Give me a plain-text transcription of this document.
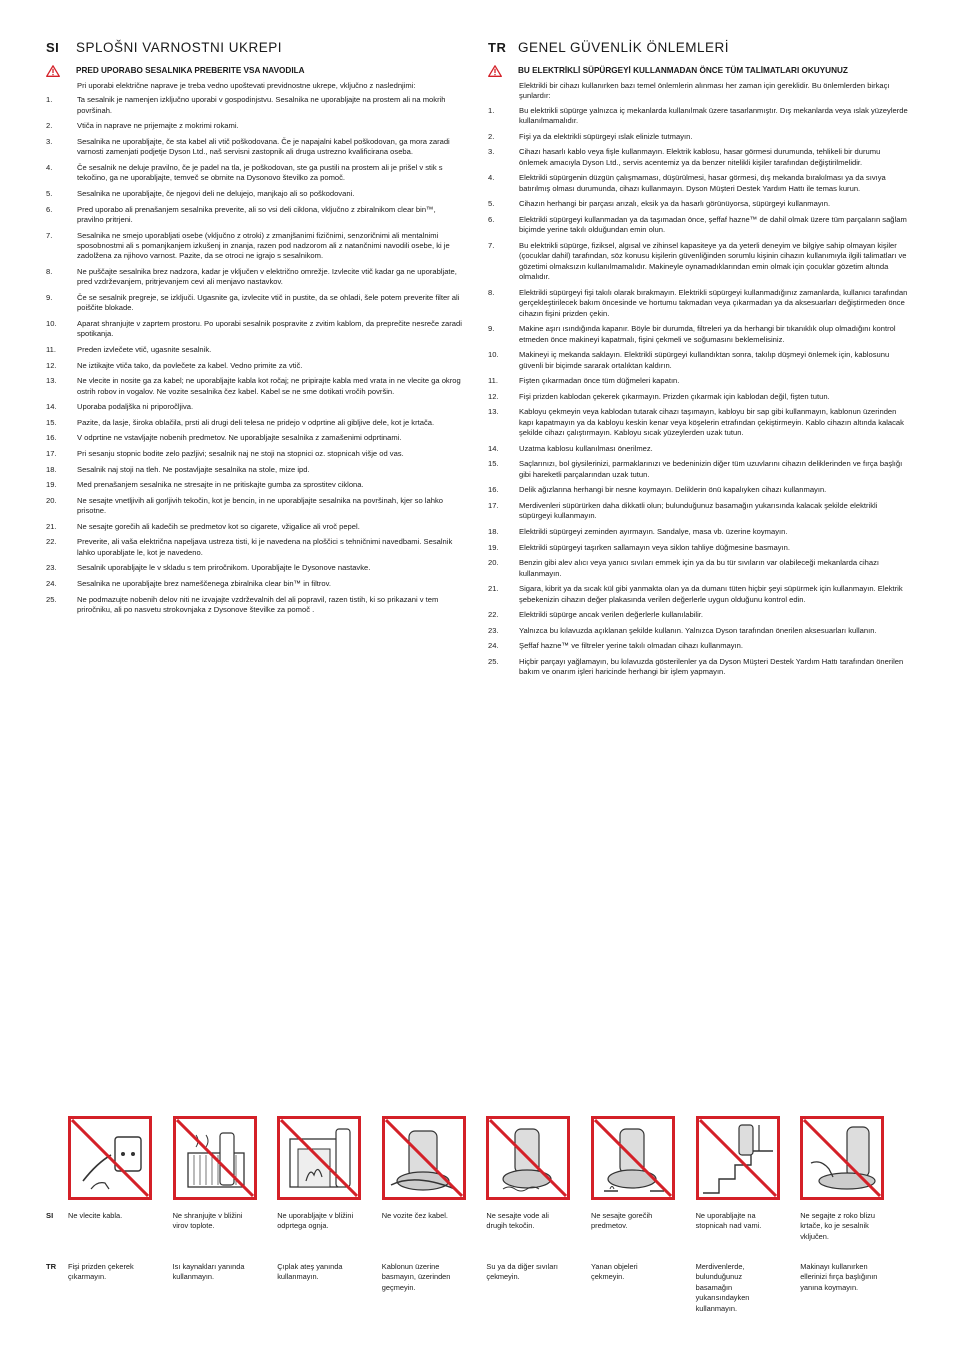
SI	SPLOŠNI VARNOSTNI UKREPI
PRED UPORABO SESALNIKA PREBERITE VSA NAVODILA
Pri uporabi električne naprave je treba vedno upoštevati previdnostne ukrepe, vključno z naslednjimi:
1.	Ta sesalnik je namenjen izključno uporabi v gospodinjstvu. Sesalnika ne uporabljajte na prostem ali na mokrih površinah.
2.	Vtiča in naprave ne prijemajte z mokrimi rokami.
3.	Sesalnika ne uporabljajte, če sta kabel ali vtič poškodovana. Če je napajalni kabel poškodovan, ga mora zaradi varnosti zamenjati podjetje Dyson Ltd., naš servisni zastopnik ali druga ustrezno kvalificirana oseba.
4.	Če sesalnik ne deluje pravilno, če je padel na tla, je poškodovan, ste ga pustili na prostem ali je prišel v stik s tekočino, ga ne uporabljajte, temveč se obrnite na Dysonovo številko za pomoč.
5.	Sesalnika ne uporabljajte, če njegovi deli ne delujejo, manjkajo ali so poškodovani.
6.	Pred uporabo ali prenašanjem sesalnika preverite, ali so vsi deli ciklona, vključno z zbiralnikom clear bin™, pravilno pritrjeni.
7.	Sesalnika ne smejo uporabljati osebe (vključno z otroki) z zmanjšanimi fizičnimi, senzoričnimi ali mentalnimi sposobnostmi ali s pomanjkanjem izkušenj in znanja, razen pod nadzorom ali z natančnimi navodili osebe, ki je zadolžena za njihovo varnost. Pazite, da se otroci ne igrajo s sesalnikom.
8.	Ne puščajte sesalnika brez nadzora, kadar je vključen v električno omrežje. Izvlecite vtič kadar ga ne uporabljate, pred vzdrževanjem, pritrjevanjem cevi ali menjavo nastavkov.
9.	Če se sesalnik pregreje, se izključi. Ugasnite ga, izvlecite vtič in pustite, da se ohladi, šele potem preverite filter ali poiščite blokade.
10.	Aparat shranjujte v zaprtem prostoru. Po uporabi sesalnik pospravite z zvitim kablom, da preprečite nesreče zaradi spotikanja.
11.	Preden izvlečete vtič, ugasnite sesalnik.
12.	Ne iztikajte vtiča tako, da povlečete za kabel. Vedno primite za vtič.
13.	Ne vlecite in nosite ga za kabel; ne uporabljajte kabla kot ročaj; ne pripirajte kabla med vrata in ne vlecite ga okrog ostrih robov in vogalov. Ne vozite sesalnika čez kabel. Kabel se ne sme dotikati vročih površin.
14.	Uporaba podaljška ni priporočljiva.
15.	Pazite, da lasje, široka oblačila, prsti ali drugi deli telesa ne pridejo v odprtine ali gibljive dele, kot je krtača.
16.	V odprtine ne vstavljajte nobenih predmetov. Ne uporabljajte sesalnika z zamašenimi odprtinami.
17.	Pri sesanju stopnic bodite zelo pazljivi; sesalnik naj ne stoji na stopnici oz. stopnicah višje od vas.
18.	Sesalnik naj stoji na tleh. Ne postavljajte sesalnika na stole, mize ipd.
19.	Med prenašanjem sesalnika ne stresajte in ne pritiskajte gumba za sprostitev ciklona.
20.	Ne sesajte vnetljivih ali gorljivih tekočin, kot je bencin, in ne uporabljajte sesalnika na površinah, kjer so lahko prisotne.
21.	Ne sesajte gorečih ali kadečih se predmetov kot so cigarete, vžigalice ali vroč pepel.
22.	Preverite, ali vaša električna napeljava ustreza tisti, ki je navedena na ploščici s tehničnimi navedbami. Sesalnik lahko uporabljate le, kot je navedeno.
23.	Sesalnik uporabljajte le v skladu s tem priročnikom. Uporabljajte le Dysonove nastavke.
24.	Sesalnika ne uporabljajte brez nameščenega zbiralnika clear bin™ in filtrov.
25.	Ne podmazujte nobenih delov niti ne izvajajte vzdrževalnih del ali popravil, razen tistih, ki so prikazani v tem priročniku, ali po nasvetu strokovnjaka z Dysonove številke za pomoč .
TR GENEL GÜVENLİK ÖNLEMLERİ
BU ELEKTRİKLİ SÜPÜRGEYİ KULLANMADAN ÖNCE TÜM TALİMATLARI OKUYUNUZ
Elektrikli bir cihazı kullanırken bazı temel önlemlerin alınması her zaman için gereklidir. Bu önlemlerden birkaçı şunlardır:
1.	Bu elektrikli süpürge yalnızca iç mekanlarda kullanılmak üzere tasarlanmıştır. Dış mekanlarda veya ıslak yüzeylerde kullanılmamalıdır.
2.	Fişi ya da elektrikli süpürgeyi ıslak elinizle tutmayın.
3.	Cihazı hasarlı kablo veya fişle kullanmayın. Elektrik kablosu, hasar görmesi durumunda, tehlikeli bir durumu önlemek amacıyla Dyson Ltd., servis acentemiz ya da benzer nitelikli kişiler tarafından değiştirilmelidir.
4.	Elektrikli süpürgenin düzgün çalışmaması, düşürülmesi, hasar görmesi, dış mekanda bırakılması ya da sıvıya batırılmış olması durumunda, cihazı kullanmayın. Dyson Müşteri Destek Yardım Hattı ile temas kurun.
5.	Cihazın herhangi bir parçası arızalı, eksik ya da hasarlı görünüyorsa, süpürgeyi kullanmayın.
6.	Elektrikli süpürgeyi kullanmadan ya da taşımadan önce, şeffaf hazne™ de dahil olmak üzere tüm parçaların sağlam biçimde yerine takılı olduğundan emin olun.
7.	Bu elektrikli süpürge, fiziksel, algısal ve zihinsel kapasiteye ya da yeterli deneyim ve bilgiye sahip olmayan kişiler (çocuklar dahil) tarafından, söz konusu kişilerin güvenliğinden sorumlu kişinin cihazın kullanımıyla ilgili talimatları ve gözetimi olmaksızın kullanılmamalıdır. Makineyle oynamadıklarından emin olmak için çocuklar gözetim altında olmalıdır.
8.	Elektrikli süpürgeyi fişi takılı olarak bırakmayın. Elektrikli süpürgeyi kullanmadığınız zamanlarda, kullanıcı tarafından gerçekleştirilecek bakım öncesinde ve hortumu takmadan veya çıkarmadan ya da aksesuarları değiştirmeden önce cihazın fişini prizden çekin.
9.	Makine aşırı ısındığında kapanır. Böyle bir durumda, filtreleri ya da herhangi bir tıkanıklık olup olmadığını kontrol etmeden önce makineyi kapatmalı, fişini çekmeli ve soğumasını beklemelisiniz.
10.	Makineyi iç mekanda saklayın. Elektrikli süpürgeyi kullandıktan sonra, takılıp düşmeyi önlemek için, kablosunu güvenli bir biçimde sararak ortalıktan kaldırın.
11.	Fişten çıkarmadan önce tüm düğmeleri kapatın.
12.	Fişi prizden kablodan çekerek çıkarmayın. Prizden çıkarmak için kablodan değil, fişten tutun.
13.	Kabloyu çekmeyin veya kablodan tutarak cihazı taşımayın, kabloyu bir sap gibi kullanmayın, kablonun üzerinden kapı kapatmayın ya da kabloyu keskin kenar veya köşelerin etrafından çekiştirmeyin. Kablo cihazın altında kalacak şekilde cihazı çalıştırmayın. Kabloyu sıcak yüzeylerden uzak tutun.
14.	Uzatma kablosu kullanılması önerilmez.
15.	Saçlarınızı, bol giysilerinizi, parmaklarınızı ve bedeninizin diğer tüm uzuvlarını cihazın deliklerinden ve fırça başlığı gibi hareketli parçalarından uzak tutun.
16.	Delik ağızlarına herhangi bir nesne koymayın. Deliklerin önü kapalıyken cihazı kullanmayın.
17.	Merdivenleri süpürürken daha dikkatli olun; bulunduğunuz basamağın yukarısında kalacak şekilde elektrikli süpürgeyi kullanmayın.
18.	Elektrikli süpürgeyi zeminden ayırmayın. Sandalye, masa vb. üzerine koymayın.
19.	Elektrikli süpürgeyi taşırken sallamayın veya siklon tahliye düğmesine basmayın.
20.	Benzin gibi alev alıcı veya yanıcı sıvıları emmek için ya da bu tür sıvıların var olabileceği mekanlarda cihazı kullanmayın.
21.	Sigara, kibrit ya da sıcak kül gibi yanmakta olan ya da dumanı tüten hiçbir şeyi süpürmek için kullanmayın. Elektrik şebekenizin cihazın değer plakasında verilen değerlerle uygun olduğunu kontrol edin.
22.	Elektrikli süpürge ancak verilen değerlerle kullanılabilir.
23.	Yalnızca bu kılavuzda açıklanan şekilde kullanın. Yalnızca Dyson tarafından önerilen aksesuarları kullanın.
24.	Şeffaf hazne™ ve filtreler yerine takılı olmadan cihazı kullanmayın.
25.	Hiçbir parçayı yağlamayın, bu kılavuzda gösterilenler ya da Dyson Müşteri Destek Yardım Hattı tarafından önerilen bakım ve onarım işleri haricinde herhangi bir işlem yapmayın.
SI Ne vlecite kabla.	Ne shranjujte v bližini virov toplote.
Ne uporabljajte v bližini odprtega ognja.
Ne vozite čez kabel.	Ne sesajte vode ali drugih tekočin.
Ne sesajte gorečih predmetov.
Ne uporabljajte na stopnicah nad vami.
Ne segajte z roko blizu krtače, ko je sesalnik vključen.
TR Fişi prizden çekerek çıkarmayın.
Isı kaynakları yanında kullanmayın.
Çıplak ateş yanında kullanmayın.
Kablonun üzerine basmayın, üzerinden geçmeyin.
Su ya da diğer sıvıları çekmeyin.
Yanan objeleri çekmeyin.
Merdivenlerde, bulunduğunuz basamağın yukarısındayken kullanmayın.
Makinayı kullanırken ellerinizi fırça başlığının yanına koymayın.
